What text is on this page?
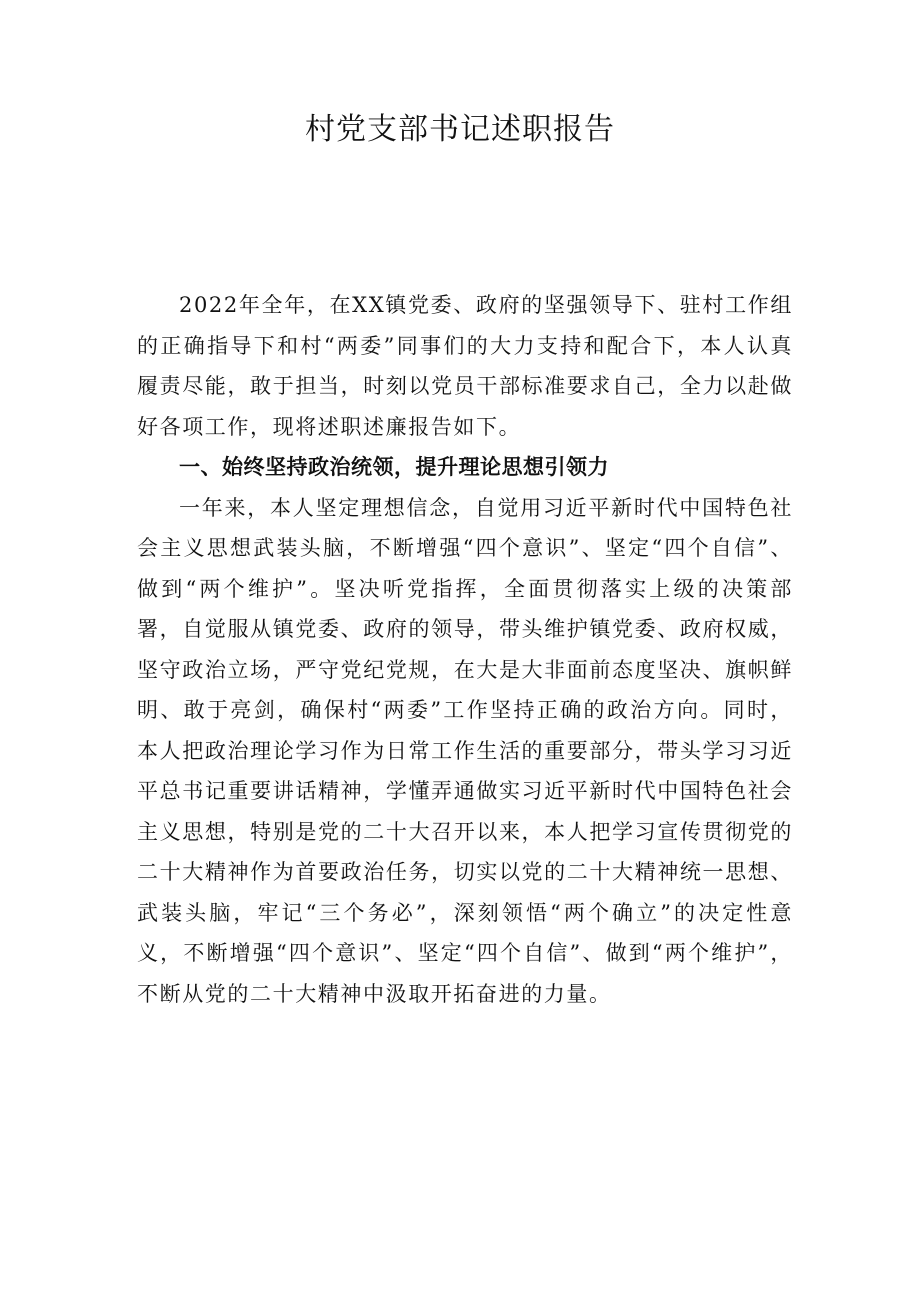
村党支部书记述职报告

2022年全年，在XX镇党委、政府的坚强领导下、驻村工作组的正确指导下和村“两委”同事们的大力支持和配合下，本人认真履责尽能，敢于担当，时刻以党员干部标准要求自己，全力以赴做好各项工作，现将述职述廉报告如下。

一、始终坚持政治统领，提升理论思想引领力

一年来，本人坚定理想信念，自觉用习近平新时代中国特色社会主义思想武装头脑，不断增强“四个意识”、坚定“四个自信”、做到“两个维护”。坚决听党指挥，全面贯彻落实上级的决策部署，自觉服从镇党委、政府的领导，带头维护镇党委、政府权威，坚守政治立场，严守党纪党规，在大是大非面前态度坚决、旗帜鲜明、敢于亮剑，确保村“两委”工作坚持正确的政治方向。同时，本人把政治理论学习作为日常工作生活的重要部分，带头学习习近平总书记重要讲话精神，学懂弄通做实习近平新时代中国特色社会主义思想，特别是党的二十大召开以来，本人把学习宣传贯彻党的二十大精神作为首要政治任务，切实以党的二十大精神统一思想、武装头脑，牢记“三个务必”，深刻领悟“两个确立”的决定性意义，不断增强“四个意识”、坚定“四个自信”、做到“两个维护”，不断从党的二十大精神中汲取开拓奋进的力量。
